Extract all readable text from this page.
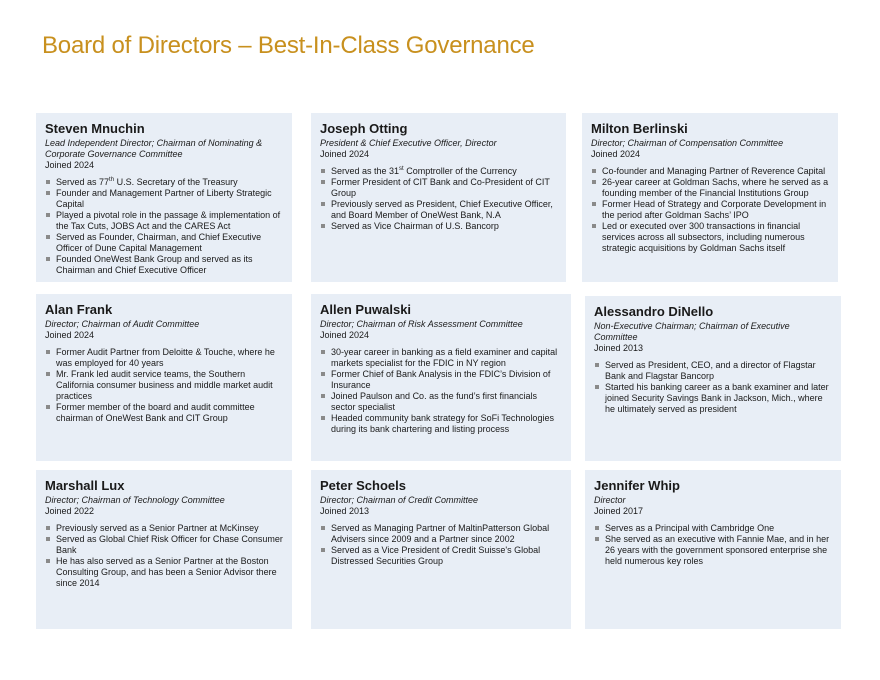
Board of Directors – Best-In-Class Governance
Steven Mnuchin
Lead Independent Director; Chairman of Nominating & Corporate Governance Committee
Joined 2024
Served as 77th U.S. Secretary of the Treasury
Founder and Management Partner of Liberty Strategic Capital
Played a pivotal role in the passage & implementation of the Tax Cuts, JOBS Act and the CARES Act
Served as Founder, Chairman, and Chief Executive Officer of Dune Capital Management
Founded OneWest Bank Group and served as its Chairman and Chief Executive Officer
Joseph Otting
President & Chief Executive Officer, Director
Joined 2024
Served as the 31st Comptroller of the Currency
Former President of CIT Bank and Co-President of CIT Group
Previously served as President, Chief Executive Officer, and Board Member of OneWest Bank, N.A
Served as Vice Chairman of U.S. Bancorp
Milton Berlinski
Director; Chairman of Compensation Committee
Joined 2024
Co-founder and Managing Partner of Reverence Capital
26-year career at Goldman Sachs, where he served as a founding member of the Financial Institutions Group
Former Head of Strategy and Corporate Development in the period after Goldman Sachs’ IPO
Led or executed over 300 transactions in financial services across all subsectors, including numerous strategic acquisitions by Goldman Sachs itself
Alan Frank
Director; Chairman of Audit Committee
Joined 2024
Former Audit Partner from Deloitte & Touche, where he was employed for 40 years
Mr. Frank led audit service teams, the Southern California consumer business and middle market audit practices
Former member of the board and audit committee chairman of OneWest Bank and CIT Group
Allen Puwalski
Director; Chairman of Risk Assessment Committee
Joined 2024
30-year career in banking as a field examiner and capital markets specialist for the FDIC in NY region
Former Chief of Bank Analysis in the FDIC’s Division of Insurance
Joined Paulson and Co. as the fund’s first financials sector specialist
Headed community bank strategy for SoFi Technologies during its bank chartering and listing process
Alessandro DiNello
Non-Executive Chairman; Chairman of Executive Committee
Joined 2013
Served as President, CEO, and a director of Flagstar Bank and Flagstar Bancorp
Started his banking career as a bank examiner and later joined Security Savings Bank in Jackson, Mich., where he ultimately served as president
Marshall Lux
Director; Chairman of Technology Committee
Joined 2022
Previously served as a Senior Partner at McKinsey
Served as Global Chief Risk Officer for Chase Consumer Bank
He has also served as a Senior Partner at the Boston Consulting Group, and has been a Senior Advisor there since 2014
Peter Schoels
Director; Chairman of Credit Committee
Joined 2013
Served as Managing Partner of MaltinPatterson Global Advisers since 2009 and a Partner since 2002
Served as a Vice President of Credit Suisse's Global Distressed Securities Group
Jennifer Whip
Director
Joined 2017
Serves as a Principal with Cambridge One
She served as an executive with Fannie Mae, and in her 26 years with the government sponsored enterprise she held numerous key roles
